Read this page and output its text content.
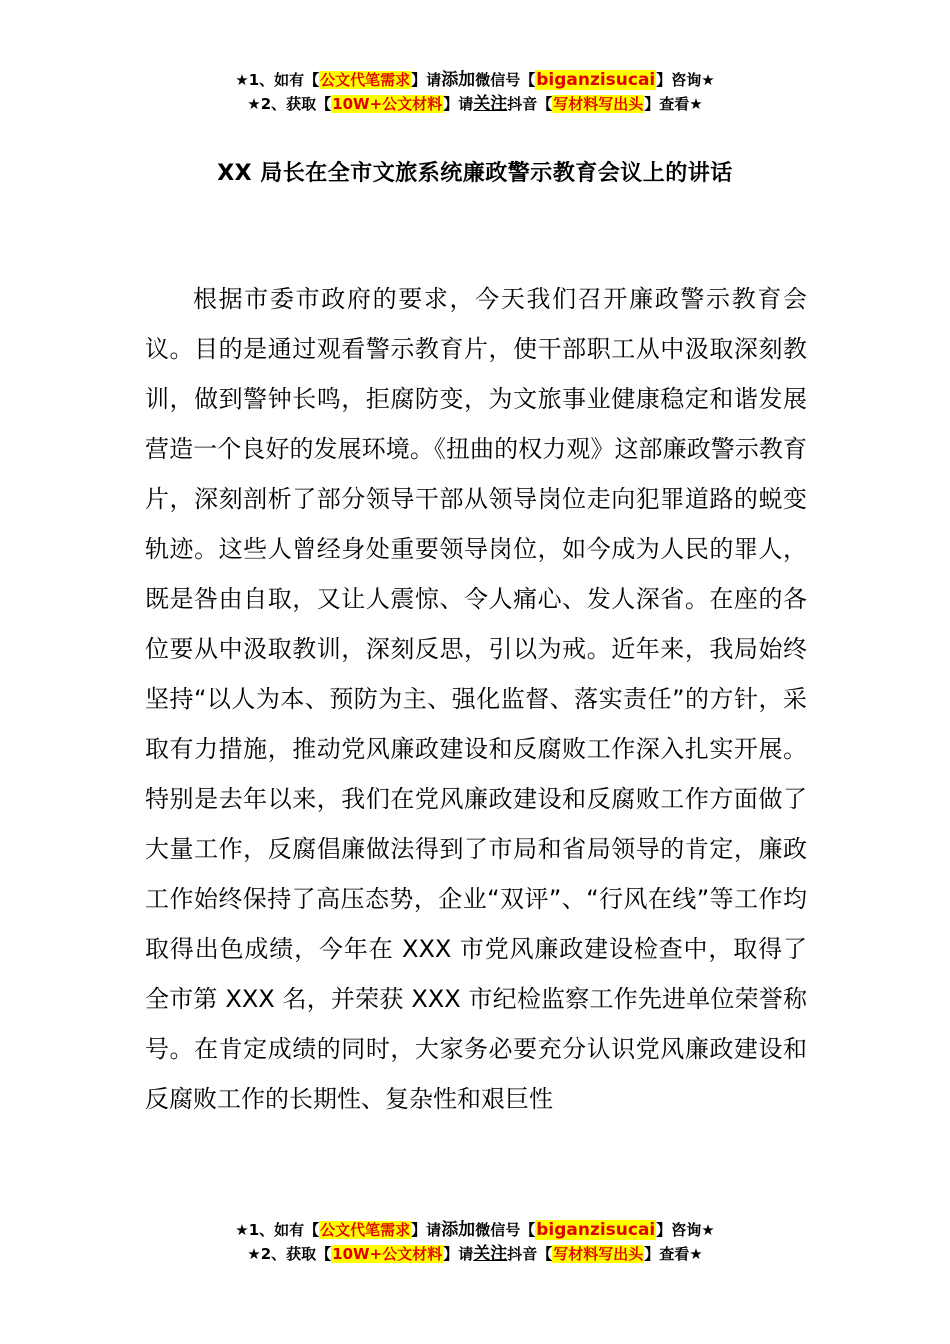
★1、如有【公文代笔需求】请添加微信号【biganzisucai】咨询★
★2、获取【10W+公文材料】请关注抖音【写材料写出头】查看★
XX 局长在全市文旅系统廉政警示教育会议上的讲话

根据市委市政府的要求，今天我们召开廉政警示教育会议。目的是通过观看警示教育片，使干部职工从中汲取深刻教训，做到警钟长鸣，拒腐防变，为文旅事业健康稳定和谐发展营造一个良好的发展环境。《扭曲的权力观》这部廉政警示教育片，深刻剖析了部分领导干部从领导岗位走向犯罪道路的蜕变轨迹。这些人曾经身处重要领导岗位，如今成为人民的罪人，既是咎由自取，又让人震惊、令人痛心、发人深省。在座的各位要从中汲取教训，深刻反思，引以为戒。近年来，我局始终坚持“以人为本、预防为主、强化监督、落实责任”的方针，采取有力措施，推动党风廉政建设和反腐败工作深入扎实开展。特别是去年以来，我们在党风廉政建设和反腐败工作方面做了大量工作，反腐倡廉做法得到了市局和省局领导的肯定，廉政工作始终保持了高压态势，企业“双评”、“行风在线”等工作均取得出色成绩，今年在 XXX 市党风廉政建设检查中，取得了全市第 XXX 名，并荣获 XXX 市纪检监察工作先进单位荣誉称号。在肯定成绩的同时，大家务必要充分认识党风廉政建设和反腐败工作的长期性、复杂性和艰巨性

★1、如有【公文代笔需求】请添加微信号【biganzisucai】咨询★
★2、获取【10W+公文材料】请关注抖音【写材料写出头】查看★
